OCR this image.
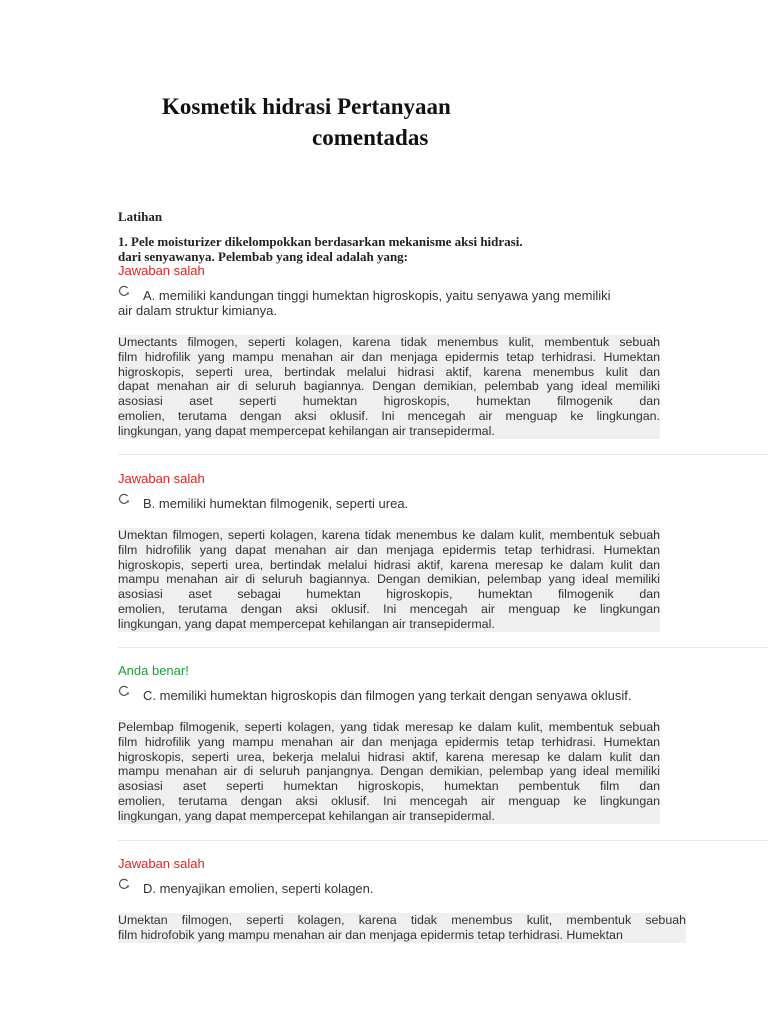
Kosmetik hidrasi Pertanyaan
comentadas
Latihan
1. Pele moisturizer dikelompokkan berdasarkan mekanisme aksi hidrasi.
dari senyawanya. Pelembab yang ideal adalah yang:
Jawaban salah
A. memiliki kandungan tinggi humektan higroskopis, yaitu senyawa yang memiliki
air dalam struktur kimianya.
Umectants filmogen, seperti kolagen, karena tidak menembus kulit, membentuk sebuah
film hidrofilik yang mampu menahan air dan menjaga epidermis tetap terhidrasi. Humektan
higroskopis, seperti urea, bertindak melalui hidrasi aktif, karena menembus kulit dan
dapat menahan air di seluruh bagiannya. Dengan demikian, pelembab yang ideal memiliki
asosiasi aset seperti humektan higroskopis, humektan filmogenik dan
emolien, terutama dengan aksi oklusif. Ini mencegah air menguap ke lingkungan.
lingkungan, yang dapat mempercepat kehilangan air transepidermal.
Jawaban salah
B. memiliki humektan filmogenik, seperti urea.
Umektan filmogen, seperti kolagen, karena tidak menembus ke dalam kulit, membentuk sebuah
film hidrofilik yang dapat menahan air dan menjaga epidermis tetap terhidrasi. Humektan
higroskopis, seperti urea, bertindak melalui hidrasi aktif, karena meresap ke dalam kulit dan
mampu menahan air di seluruh bagiannya. Dengan demikian, pelembap yang ideal memiliki
asosiasi aset sebagai humektan higroskopis, humektan filmogenik dan
emolien, terutama dengan aksi oklusif. Ini mencegah air menguap ke lingkungan
lingkungan, yang dapat mempercepat kehilangan air transepidermal.
Anda benar!
C. memiliki humektan higroskopis dan filmogen yang terkait dengan senyawa oklusif.
Pelembap filmogenik, seperti kolagen, yang tidak meresap ke dalam kulit, membentuk sebuah
film hidrofilik yang mampu menahan air dan menjaga epidermis tetap terhidrasi. Humektan
higroskopis, seperti urea, bekerja melalui hidrasi aktif, karena meresap ke dalam kulit dan
mampu menahan air di seluruh panjangnya. Dengan demikian, pelembap yang ideal memiliki
asosiasi aset seperti humektan higroskopis, humektan pembentuk film dan
emolien, terutama dengan aksi oklusif. Ini mencegah air menguap ke lingkungan
lingkungan, yang dapat mempercepat kehilangan air transepidermal.
Jawaban salah
D. menyajikan emolien, seperti kolagen.
Umektan filmogen, seperti kolagen, karena tidak menembus kulit, membentuk sebuah
film hidrofobik yang mampu menahan air dan menjaga epidermis tetap terhidrasi. Humektan
